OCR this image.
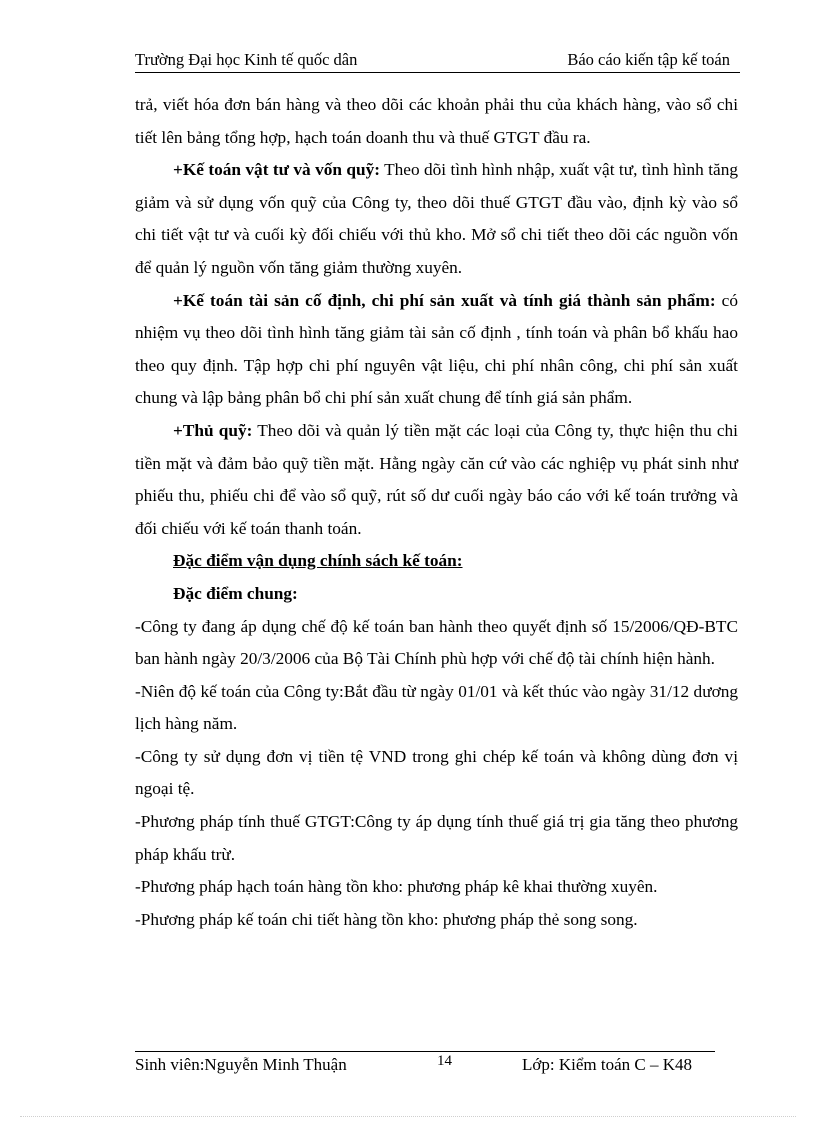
Trường Đại học Kinh tế quốc dân	Báo cáo kiến tập kế toán

trả, viết hóa đơn bán hàng và theo dõi các khoản phải thu của khách hàng, vào sổ chi tiết lên bảng tổng hợp, hạch toán doanh thu và thuế GTGT đầu ra.

+Kế toán vật tư và vốn quỹ: Theo dõi tình hình nhập, xuất vật tư, tình hình tăng giảm và sử dụng vốn quỹ của Công ty, theo dõi thuế GTGT đầu vào, định kỳ vào sổ chi tiết vật tư và cuối kỳ đối chiếu với thủ kho. Mở sổ chi tiết theo dõi các nguồn vốn để quản lý nguồn vốn tăng giảm thường xuyên.

+Kế toán tài sản cố định, chi phí sản xuất và tính giá thành sản phẩm: có nhiệm vụ theo dõi tình hình tăng giảm tài sản cố định , tính toán và phân bổ khấu hao theo quy định. Tập hợp chi phí nguyên vật liệu, chi phí nhân công, chi phí sản xuất chung và lập bảng phân bổ chi phí sản xuất chung để tính giá sản phẩm.

+Thủ quỹ: Theo dõi và quản lý tiền mặt các loại của Công ty, thực hiện thu chi tiền mặt và đảm bảo quỹ tiền mặt. Hằng ngày căn cứ vào các nghiệp vụ phát sinh như phiếu thu, phiếu chi để vào sổ quỹ, rút số dư cuối ngày báo cáo với kế toán trưởng và đối chiếu với kế toán thanh toán.

Đặc điểm vận dụng chính sách kế toán:

Đặc điểm chung:

-Công ty đang áp dụng chế độ kế toán ban hành theo quyết định số 15/2006/QĐ-BTC ban hành ngày 20/3/2006 của Bộ Tài Chính phù hợp với chế độ tài chính hiện hành.

-Niên độ kế toán của Công ty:Bắt đầu từ ngày 01/01 và kết thúc vào ngày 31/12 dương lịch hàng năm.

-Công ty sử dụng đơn vị tiền tệ VND trong ghi chép kế toán và không dùng đơn vị ngoại tệ.

-Phương pháp tính thuế GTGT:Công ty áp dụng tính thuế giá trị gia tăng theo phương pháp khấu trừ.

-Phương pháp hạch toán hàng tồn kho: phương pháp kê khai thường xuyên.

-Phương pháp kế toán chi tiết hàng tồn kho: phương pháp thẻ song song.

Sinh viên:Nguyễn Minh Thuận	14	Lớp: Kiểm toán C – K48
